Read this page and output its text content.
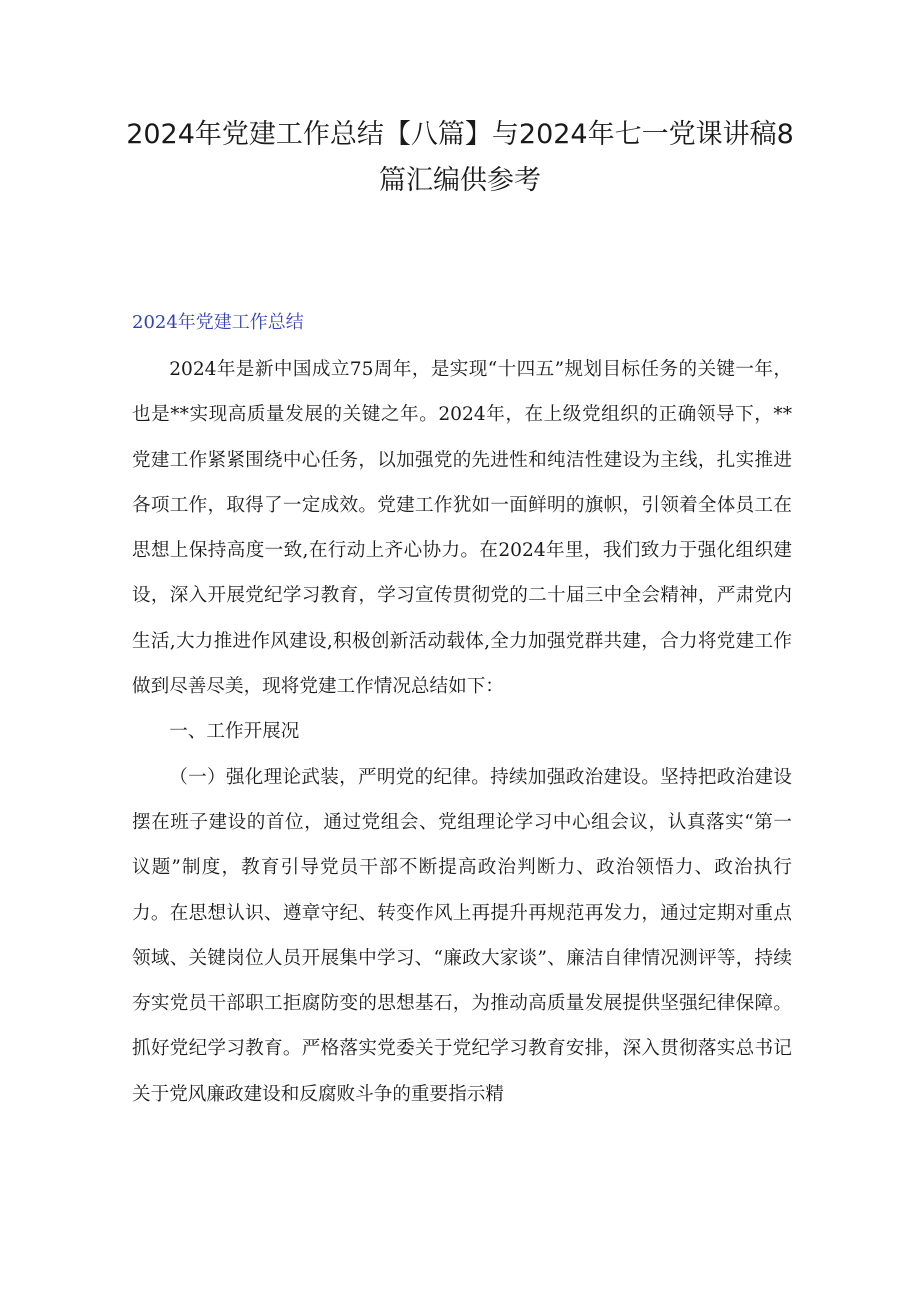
2024年党建工作总结【八篇】与2024年七一党课讲稿8篇汇编供参考
2024年党建工作总结

2024年是新中国成立75周年，是实现“十四五”规划目标任务的关键一年，也是**实现高质量发展的关键之年。2024年，在上级党组织的正确领导下，**党建工作紧紧围绕中心任务，以加强党的先进性和纯洁性建设为主线，扎实推进各项工作，取得了一定成效。党建工作犹如一面鲜明的旗帜，引领着全体员工在思想上保持高度一致,在行动上齐心协力。在2024年里，我们致力于强化组织建设，深入开展党纪学习教育，学习宣传贯彻党的二十届三中全会精神，严肃党内生活,大力推进作风建设,积极创新活动载体,全力加强党群共建，合力将党建工作做到尽善尽美，现将党建工作情况总结如下：

一、工作开展况

（一）强化理论武装，严明党的纪律。持续加强政治建设。坚持把政治建设摆在班子建设的首位，通过党组会、党组理论学习中心组会议，认真落实“第一议题”制度，教育引导党员干部不断提高政治判断力、政治领悟力、政治执行力。在思想认识、遵章守纪、转变作风上再提升再规范再发力，通过定期对重点领域、关键岗位人员开展集中学习、“廉政大家谈”、廉洁自律情况测评等，持续夯实党员干部职工拒腐防变的思想基石，为推动高质量发展提供坚强纪律保障。抓好党纪学习教育。严格落实党委关于党纪学习教育安排，深入贯彻落实总书记关于党风廉政建设和反腐败斗争的重要指示精
